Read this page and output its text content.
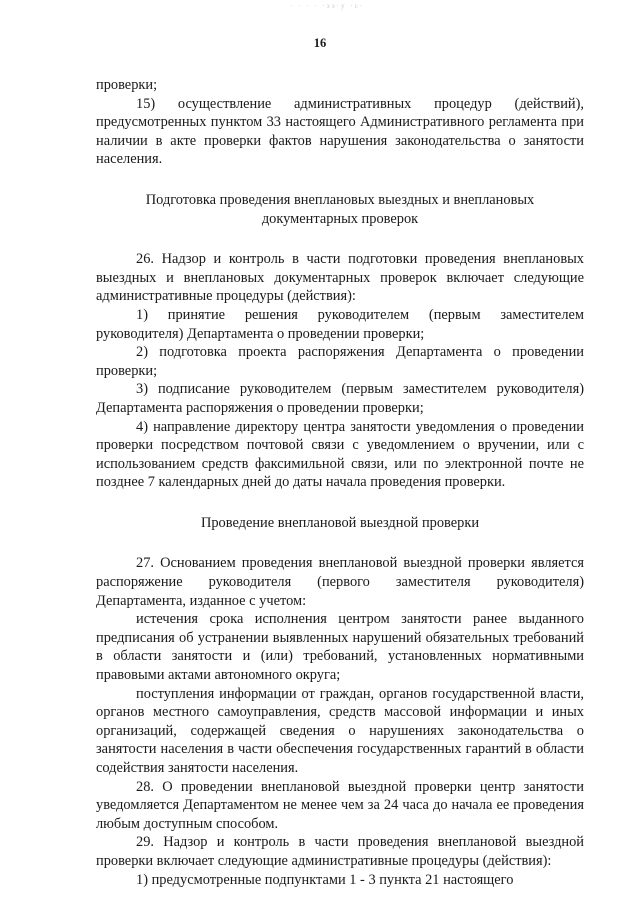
· · · · ·ээ·у ·с·
16

проверки;

15) осуществление административных процедур (действий), предусмотренных пунктом 33 настоящего Административного регламента при наличии в акте проверки фактов нарушения законодательства о занятости населения.

Подготовка проведения внеплановых выездных и внеплановых
документарных проверок

26. Надзор и контроль в части подготовки проведения внеплановых выездных и внеплановых документарных проверок включает следующие административные процедуры (действия):

1) принятие решения руководителем (первым заместителем руководителя) Департамента о проведении проверки;

2) подготовка проекта распоряжения Департамента о проведении проверки;

3) подписание руководителем (первым заместителем руководителя) Департамента распоряжения о проведении проверки;

4) направление директору центра занятости уведомления о проведении проверки посредством почтовой связи с уведомлением о вручении, или с использованием средств факсимильной связи, или по электронной почте не позднее 7 календарных дней до даты начала проведения проверки.

Проведение внеплановой выездной проверки

27. Основанием проведения внеплановой выездной проверки является распоряжение руководителя (первого заместителя руководителя) Департамента, изданное с учетом:

истечения срока исполнения центром занятости ранее выданного предписания об устранении выявленных нарушений обязательных требований в области занятости и (или) требований, установленных нормативными правовыми актами автономного округа;

поступления информации от граждан, органов государственной власти, органов местного самоуправления, средств массовой информации и иных организаций, содержащей сведения о нарушениях законодательства о занятости населения в части обеспечения государственных гарантий в области содействия занятости населения.

28. О проведении внеплановой выездной проверки центр занятости уведомляется Департаментом не менее чем за 24 часа до начала ее проведения любым доступным способом.

29. Надзор и контроль в части проведения внеплановой выездной проверки включает следующие административные процедуры (действия):

1) предусмотренные подпунктами 1 - 3 пункта 21 настоящего
